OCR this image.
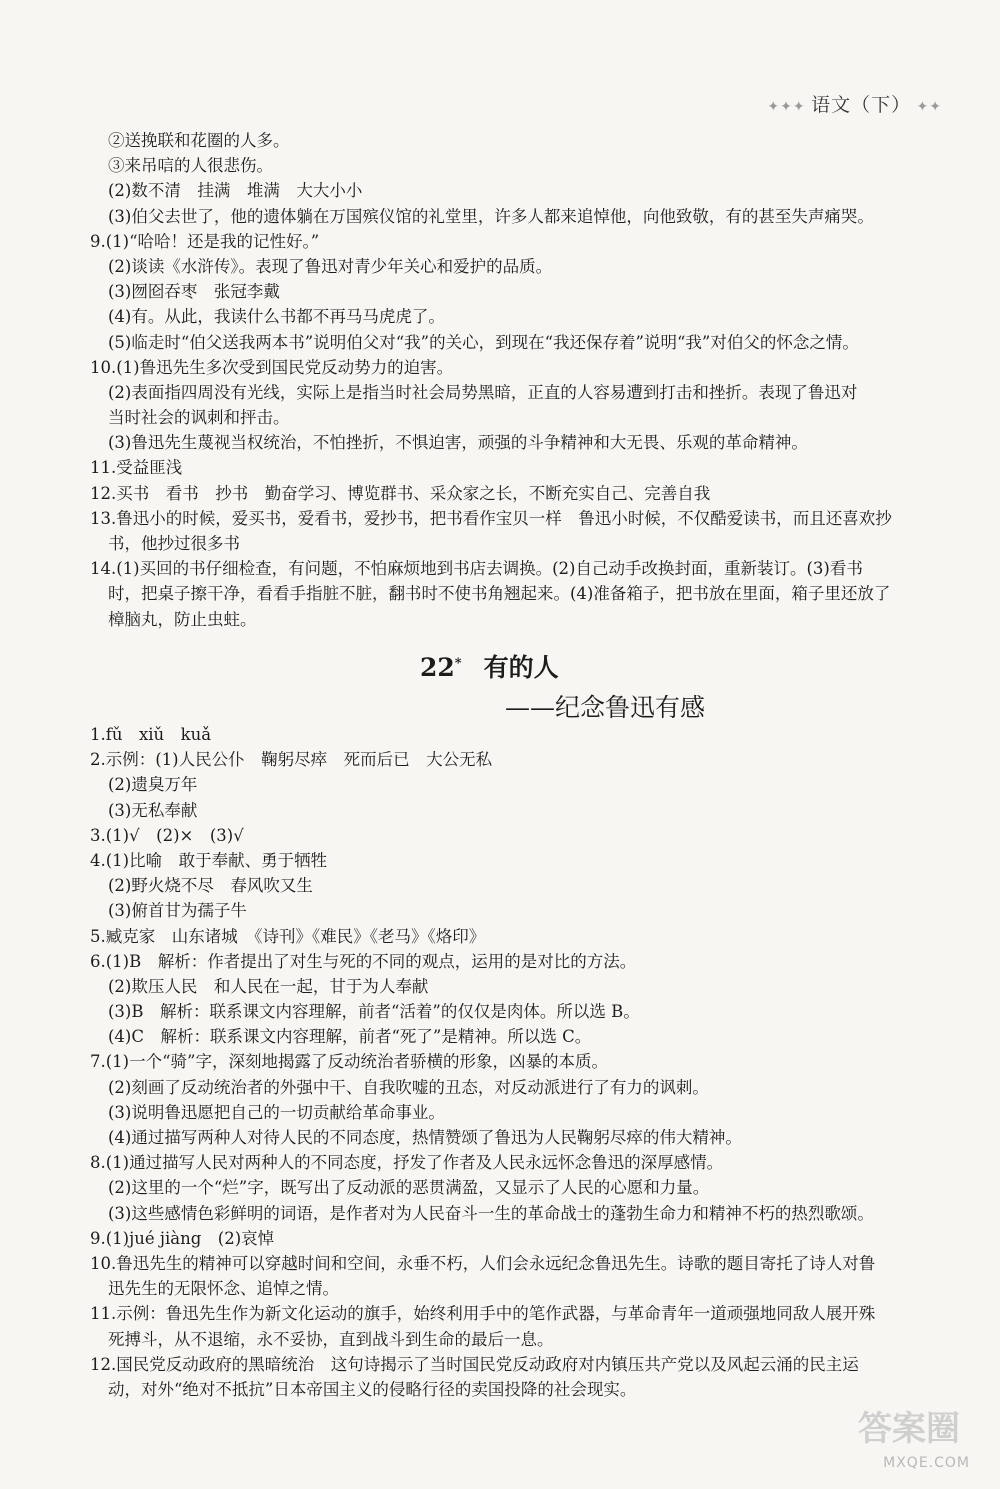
✦✦✦ 语文（下） ✦✦
②送挽联和花圈的人多。
③来吊唁的人很悲伤。
(2)数不清　挂满　堆满　大大小小
(3)伯父去世了，他的遗体躺在万国殡仪馆的礼堂里，许多人都来追悼他，向他致敬，有的甚至失声痛哭。
9.(1)“哈哈！还是我的记性好。”
(2)谈读《水浒传》。表现了鲁迅对青少年关心和爱护的品质。
(3)囫囵吞枣　张冠李戴
(4)有。从此，我读什么书都不再马马虎虎了。
(5)临走时“伯父送我两本书”说明伯父对“我”的关心，到现在“我还保存着”说明“我”对伯父的怀念之情。
10.(1)鲁迅先生多次受到国民党反动势力的迫害。
(2)表面指四周没有光线，实际上是指当时社会局势黑暗，正直的人容易遭到打击和挫折。表现了鲁迅对
当时社会的讽刺和抨击。
(3)鲁迅先生蔑视当权统治，不怕挫折，不惧迫害，顽强的斗争精神和大无畏、乐观的革命精神。
11.受益匪浅
12.买书　看书　抄书　勤奋学习、博览群书、采众家之长，不断充实自己、完善自我
13.鲁迅小的时候，爱买书，爱看书，爱抄书，把书看作宝贝一样　鲁迅小时候，不仅酷爱读书，而且还喜欢抄
书，他抄过很多书
14.(1)买回的书仔细检查，有问题，不怕麻烦地到书店去调换。(2)自己动手改换封面，重新装订。(3)看书
时，把桌子擦干净，看看手指脏不脏，翻书时不使书角翘起来。(4)准备箱子，把书放在里面，箱子里还放了
樟脑丸，防止虫蛀。
22* 有的人
——纪念鲁迅有感
1.fǔ　xiǔ　kuǎ
2.示例：(1)人民公仆　鞠躬尽瘁　死而后已　大公无私
(2)遗臭万年
(3)无私奉献
3.(1)√　(2)×　(3)√
4.(1)比喻　敢于奉献、勇于牺牲
(2)野火烧不尽　春风吹又生
(3)俯首甘为孺子牛
5.臧克家　山东诸城　《诗刊》《难民》《老马》《烙印》
6.(1)B　解析：作者提出了对生与死的不同的观点，运用的是对比的方法。
(2)欺压人民　和人民在一起，甘于为人奉献
(3)B　解析：联系课文内容理解，前者“活着”的仅仅是肉体。所以选 B。
(4)C　解析：联系课文内容理解，前者“死了”是精神。所以选 C。
7.(1)一个“骑”字，深刻地揭露了反动统治者骄横的形象，凶暴的本质。
(2)刻画了反动统治者的外强中干、自我吹嘘的丑态，对反动派进行了有力的讽刺。
(3)说明鲁迅愿把自己的一切贡献给革命事业。
(4)通过描写两种人对待人民的不同态度，热情赞颂了鲁迅为人民鞠躬尽瘁的伟大精神。
8.(1)通过描写人民对两种人的不同态度，抒发了作者及人民永远怀念鲁迅的深厚感情。
(2)这里的一个“烂”字，既写出了反动派的恶贯满盈，又显示了人民的心愿和力量。
(3)这些感情色彩鲜明的词语，是作者对为人民奋斗一生的革命战士的蓬勃生命力和精神不朽的热烈歌颂。
9.(1)jué jiàng　(2)哀悼
10.鲁迅先生的精神可以穿越时间和空间，永垂不朽，人们会永远纪念鲁迅先生。诗歌的题目寄托了诗人对鲁
迅先生的无限怀念、追悼之情。
11.示例：鲁迅先生作为新文化运动的旗手，始终利用手中的笔作武器，与革命青年一道顽强地同敌人展开殊
死搏斗，从不退缩，永不妥协，直到战斗到生命的最后一息。
12.国民党反动政府的黑暗统治　这句诗揭示了当时国民党反动政府对内镇压共产党以及风起云涌的民主运
动，对外“绝对不抵抗”日本帝国主义的侵略行径的卖国投降的社会现实。
答案圈
MXQE.COM
